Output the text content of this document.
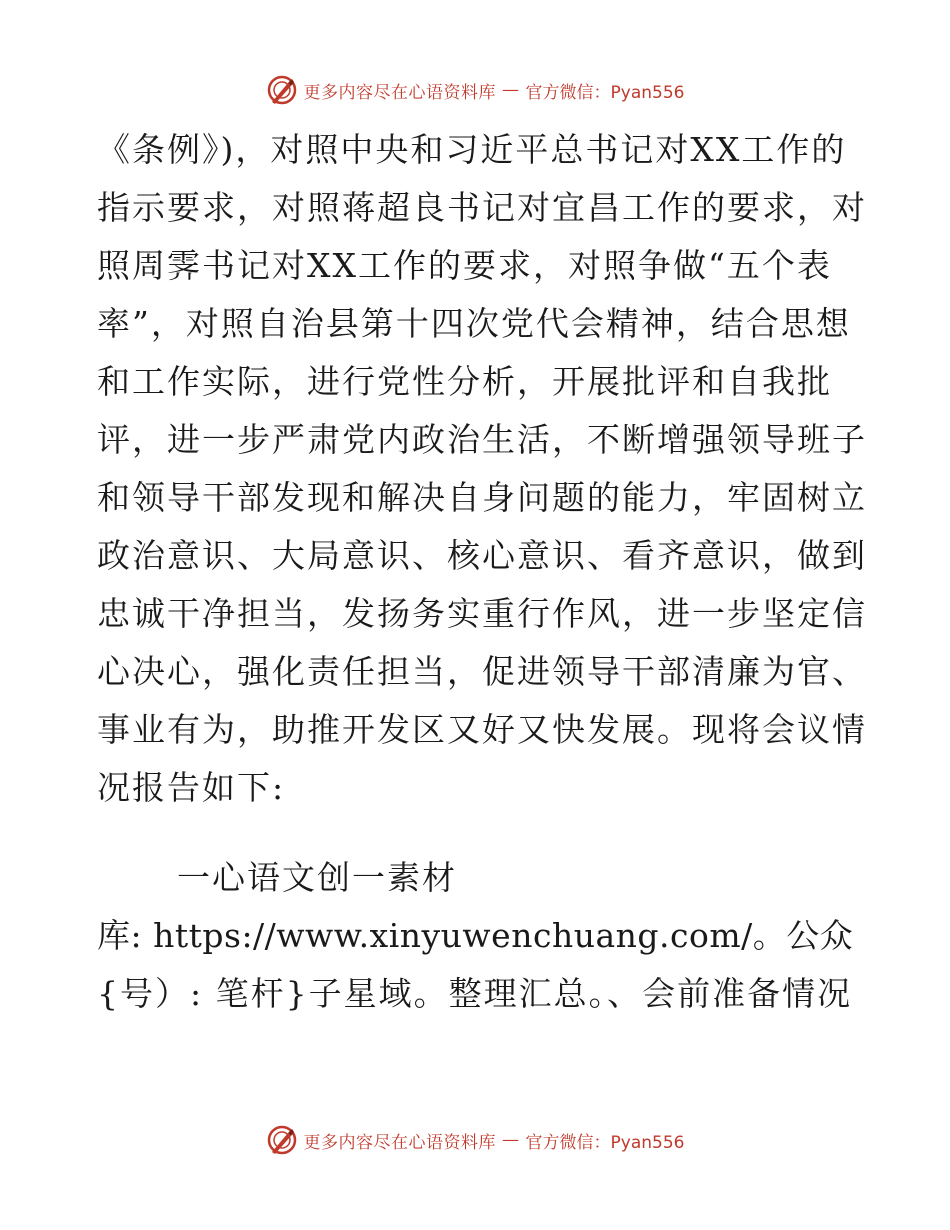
更多内容尽在心语资料库 — 官方微信：Pyan556
《条例》)，对照中央和习近平总书记对XX工作的
指示要求，对照蒋超良书记对宜昌工作的要求，对
照周霁书记对XX工作的要求，对照争做“五个表
率”，对照自治县第十四次党代会精神，结合思想
和工作实际，进行党性分析，开展批评和自我批
评，进一步严肃党内政治生活，不断增强领导班子
和领导干部发现和解决自身问题的能力，牢固树立
政治意识、大局意识、核心意识、看齐意识，做到
忠诚干净担当，发扬务实重行作风，进一步坚定信
心决心，强化责任担当，促进领导干部清廉为官、
事业有为，助推开发区又好又快发展。现将会议情
况报告如下:
一心语文创一素材
库: https://www.xinyuwenchuang.com/。公众
{号）: 笔杆}子星域。整理汇总。、会前准备情况
更多内容尽在心语资料库 — 官方微信：Pyan556
